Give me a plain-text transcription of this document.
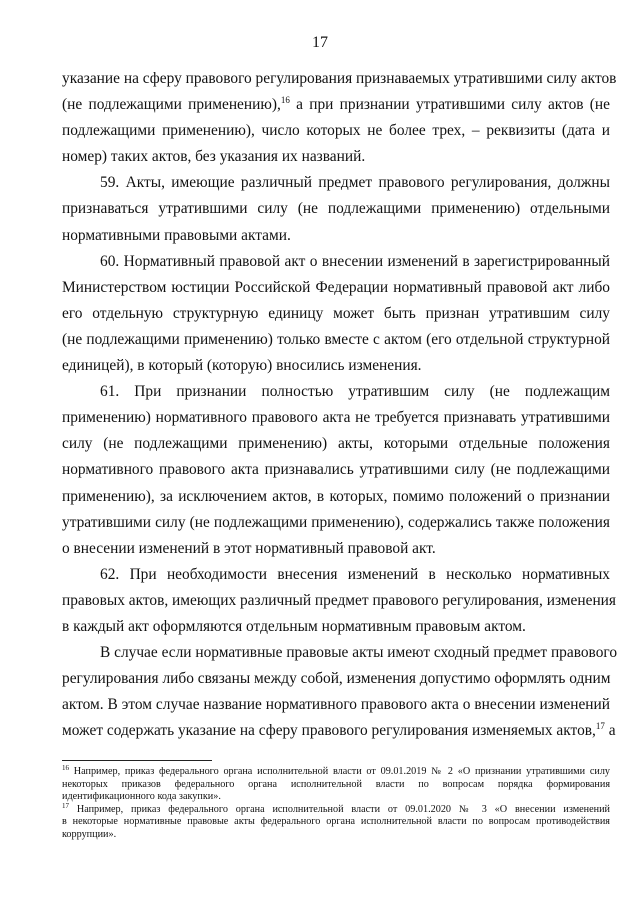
17
указание на сферу правового регулирования признаваемых утратившими силу актов
(не подлежащими применению),$^{16}$ а при признании утратившими силу актов (не
подлежащими применению), число которых не более трех, – реквизиты (дата и
номер) таких актов, без указания их названий.
59. Акты, имеющие различный предмет правового регулирования, должны
признаваться утратившими силу (не подлежащими применению) отдельными
нормативными правовыми актами.
60. Нормативный правовой акт о внесении изменений в зарегистрированный
Министерством юстиции Российской Федерации нормативный правовой акт либо
его отдельную структурную единицу может быть признан утратившим силу
(не подлежащими применению) только вместе с актом (его отдельной структурной
единицей), в который (которую) вносились изменения.
61. При признании полностью утратившим силу (не подлежащим
применению) нормативного правового акта не требуется признавать утратившими
силу (не подлежащими применению) акты, которыми отдельные положения
нормативного правового акта признавались утратившими силу (не подлежащими
применению), за исключением актов, в которых, помимо положений о признании
утратившими силу (не подлежащими применению), содержались также положения
о внесении изменений в этот нормативный правовой акт.
62. При необходимости внесения изменений в несколько нормативных
правовых актов, имеющих различный предмет правового регулирования, изменения
в каждый акт оформляются отдельным нормативным правовым актом.
В случае если нормативные правовые акты имеют сходный предмет правового
регулирования либо связаны между собой, изменения допустимо оформлять одним
актом. В этом случае название нормативного правового акта о внесении изменений
может содержать указание на сферу правового регулирования изменяемых актов,$^{17}$ а
$^{16}$ Например, приказ федерального органа исполнительной власти от 09.01.2019 № 2 «О признании утратившими силу
некоторых приказов федерального органа исполнительной власти по вопросам порядка формирования
идентификационного кода закупки».
$^{17}$ Например, приказ федерального органа исполнительной власти от 09.01.2020 № 3 «О внесении изменений
в некоторые нормативные правовые акты федерального органа исполнительной власти по вопросам противодействия
коррупции».
